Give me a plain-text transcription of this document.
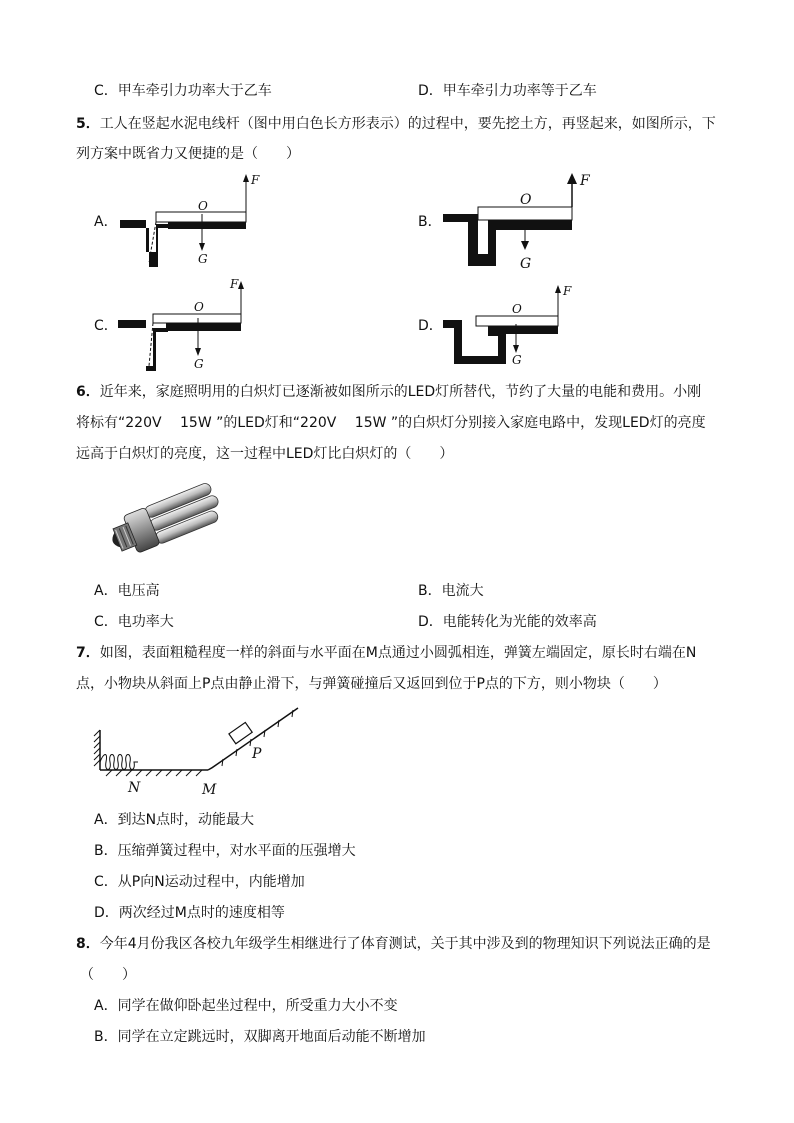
C．甲车牵引力功率大于乙车	D．甲车牵引力功率等于乙车
5．工人在竖起水泥电线杆（图中用白色长方形表示）的过程中，要先挖土方，再竖起来，如图所示，下
列方案中既省力又便捷的是（　　）
A．
F
O
G
B．
F
O
G
C．
F
O
G
D．
F
O
G
6．近年来，家庭照明用的白炽灯已逐渐被如图所示的LED灯所替代，节约了大量的电能和费用。小刚
将标有“220V　 15W ”的LED灯和“220V　 15W ”的白炽灯分别接入家庭电路中，发现LED灯的亮度
远高于白炽灯的亮度，这一过程中LED灯比白炽灯的（　　）
A．电压高	B．电流大
C．电功率大	D．电能转化为光能的效率高
7．如图，表面粗糙程度一样的斜面与水平面在M点通过小圆弧相连，弹簧左端固定，原长时右端在N
点，小物块从斜面上P点由静止滑下，与弹簧碰撞后又返回到位于P点的下方，则小物块（　　）
P
N	M
A．到达N点时，动能最大
B．压缩弹簧过程中，对水平面的压强增大
C．从P向N运动过程中，内能增加
D．两次经过M点时的速度相等
8．今年4月份我区各校九年级学生相继进行了体育测试，关于其中涉及到的物理知识下列说法正确的是
（　　）
A．同学在做仰卧起坐过程中，所受重力大小不变
B．同学在立定跳远时，双脚离开地面后动能不断增加
